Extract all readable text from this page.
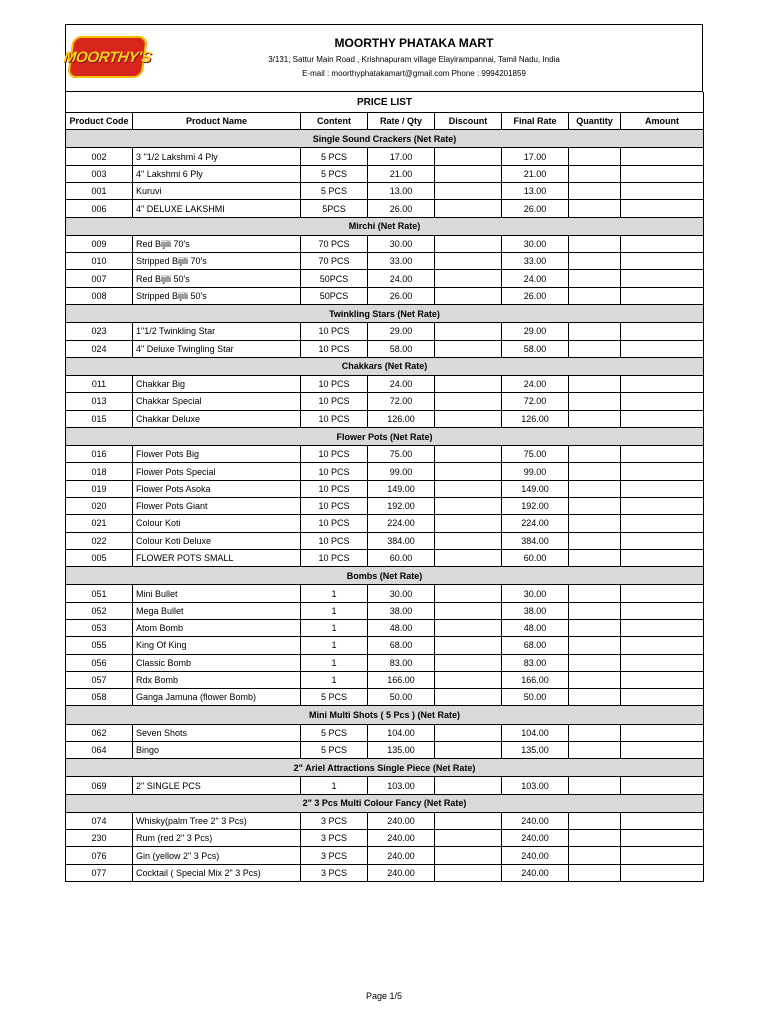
MOORTHY'S
MOORTHY PHATAKA MART
3/131, Sattur Main Road , Krishnapuram village Elayirampannai, Tamil Nadu, India
E-mail : moorthyphatakamart@gmail.com Phone : 9994201859
PRICE LIST							
Product Code	Product Name	Content	Rate / Qty	Discount	Final Rate	Quantity	Amount
Single Sound Crackers (Net Rate)							
002	3 "1/2 Lakshmi 4 Ply	5 PCS	17.00		17.00		
003	4" Lakshmi 6 Ply	5 PCS	21.00		21.00		
001	Kuruvi	5 PCS	13.00		13.00		
006	4" DELUXE LAKSHMI	5PCS	26.00		26.00		
Mirchi (Net Rate)							
009	Red Bijili 70's	70 PCS	30.00		30.00		
010	Stripped Bijili 70's	70 PCS	33.00		33.00		
007	Red Bijili 50's	50PCS	24.00		24.00		
008	Stripped Bijili 50's	50PCS	26.00		26.00		
Twinkling Stars (Net Rate)							
023	1"1/2 Twinkling Star	10 PCS	29.00		29.00		
024	4" Deluxe Twingling Star	10 PCS	58.00		58.00		
Chakkars (Net Rate)							
011	Chakkar Big	10 PCS	24.00		24.00		
013	Chakkar Special	10 PCS	72.00		72.00		
015	Chakkar Deluxe	10 PCS	126.00		126.00		
Flower Pots (Net Rate)							
016	Flower Pots Big	10 PCS	75.00		75.00		
018	Flower Pots Special	10 PCS	99.00		99.00		
019	Flower Pots Asoka	10 PCS	149.00		149.00		
020	Flower Pots Giant	10 PCS	192.00		192.00		
021	Colour Koti	10 PCS	224.00		224.00		
022	Colour Koti Deluxe	10 PCS	384.00		384.00		
005	FLOWER POTS SMALL	10 PCS	60.00		60.00		
Bombs (Net Rate)							
051	Mini Bullet	1	30.00		30.00		
052	Mega Bullet	1	38.00		38.00		
053	Atom Bomb	1	48.00		48.00		
055	King Of King	1	68.00		68.00		
056	Classic Bomb	1	83.00		83.00		
057	Rdx Bomb	1	166.00		166.00		
058	Ganga Jamuna (flower Bomb)	5 PCS	50.00		50.00		
Mini Multi Shots ( 5 Pcs ) (Net Rate)							
062	Seven Shots	5 PCS	104.00		104.00		
064	Bingo	5 PCS	135.00		135.00		
2" Ariel Attractions Single Piece (Net Rate)							
069	2" SINGLE PCS	1	103.00		103.00		
2" 3 Pcs Multi Colour Fancy (Net Rate)							
074	Whisky(palm Tree 2" 3 Pcs)	3 PCS	240.00		240.00		
230	Rum (red 2" 3 Pcs)	3 PCS	240.00		240.00		
076	Gin (yellow 2" 3 Pcs)	3 PCS	240.00		240.00		
077	Cocktail ( Special Mix 2" 3 Pcs)	3 PCS	240.00		240.00		
Page 1/5
